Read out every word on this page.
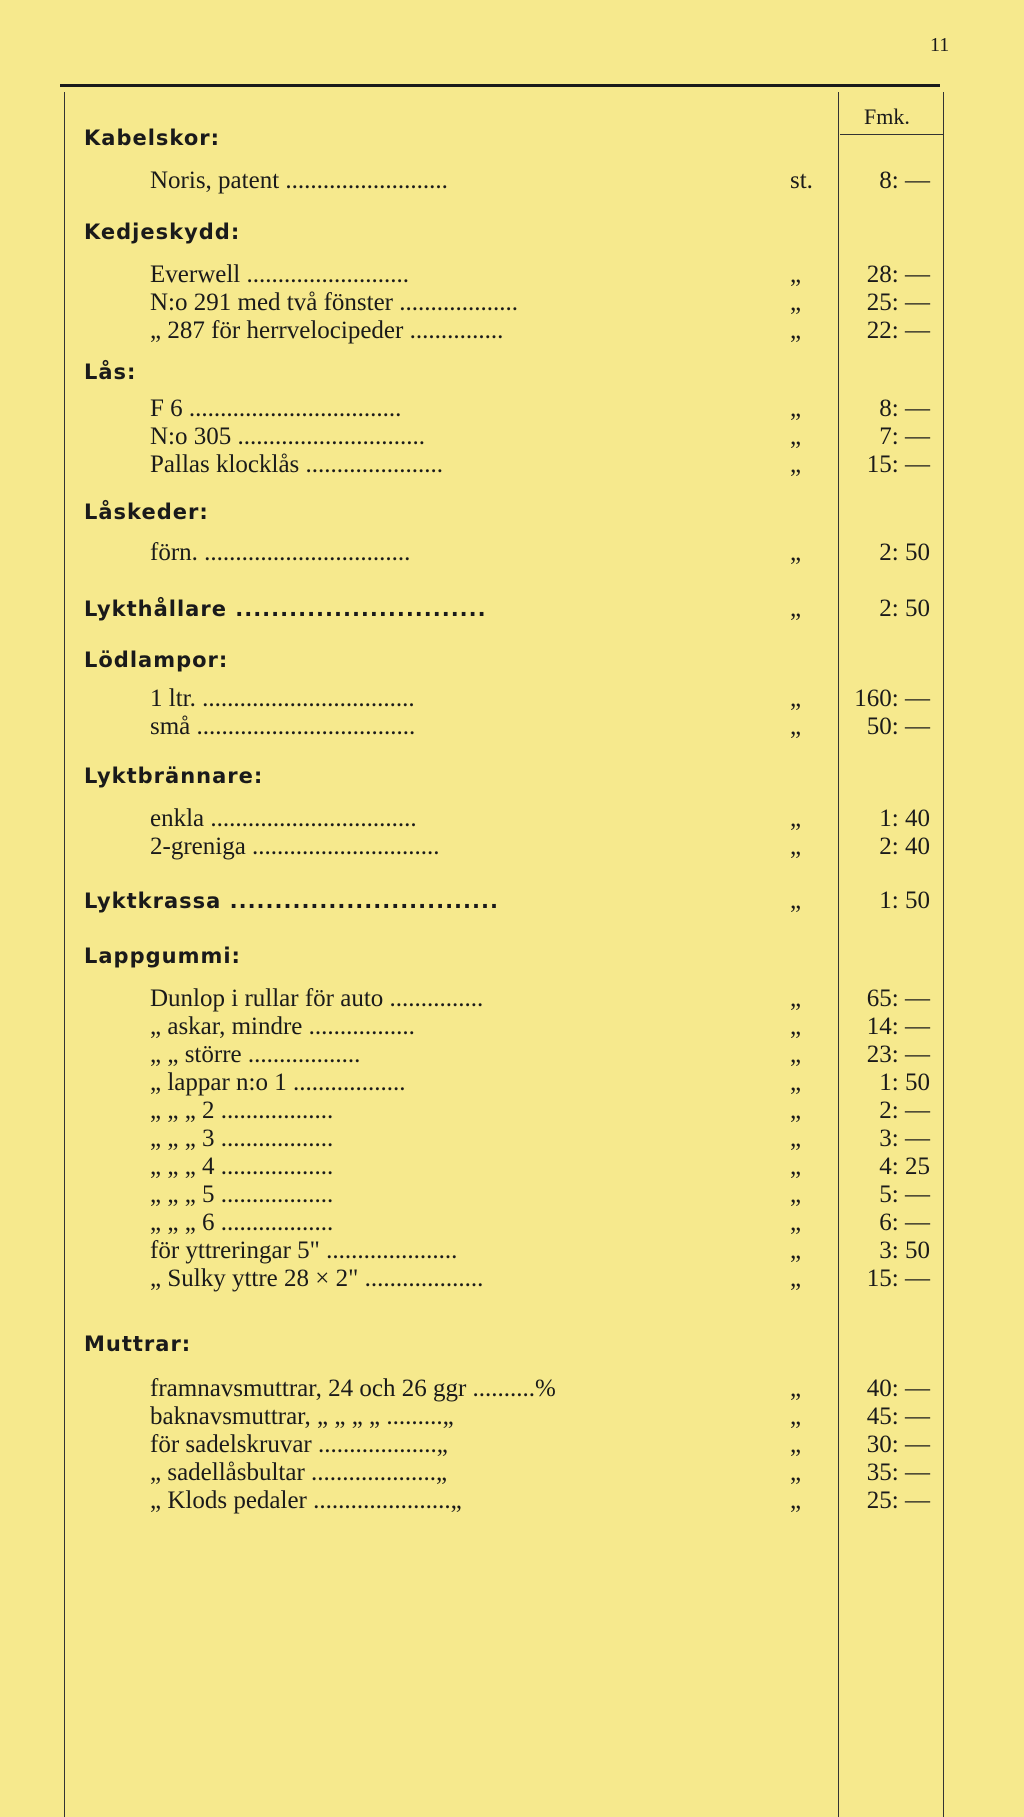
11
Fmk.
Kabelskor:
Noris, patent ..........................	st.	8: —
Kedjeskydd:
Everwell ..........................	„	28: —
N:o 291 med två fönster ...................	„	25: —
„ 287 för herrvelocipeder ...............	„	22: —
Lås:
F 6 ..................................	„	8: —
N:o 305 ..............................	„	7: —
Pallas klocklås ......................	„	15: —
Låskeder:
förn. .................................	„	2: 50
Lykthållare ............................	„	2: 50
Lödlampor:
1 ltr. ..................................	„ 160: —
små ...................................	„	50: —
Lyktbrännare:
enkla .................................	„	1: 40
2-greniga ..............................	„	2: 40
Lyktkrassa ..............................	„	1: 50
Lappgummi:
Dunlop i rullar för auto ...............	„	65: —
„ askar, mindre .................	„	14: —
„ „ större ..................	„	23: —
„ lappar n:o 1 ..................	„	1: 50
„ „ „ 2 ..................	„	2: —
„ „ „ 3 ..................	„	3: —
„ „ „ 4 ..................	„	4: 25
„ „ „ 5 ..................	„	5: —
„ „ „ 6 ..................	„	6: —
för yttreringar 5" .....................	„	3: 50
„ Sulky yttre 28 × 2" ...................	„	15: —
Muttrar:
framnavsmuttrar, 24 och 26 ggr ..........%	„	40: —
baknavsmuttrar, „ „ „ „ .........„	„	45: —
för sadelskruvar ...................„	„	30: —
„ sadellåsbultar ....................„	„	35: —
„ Klods pedaler ......................„	„	25: —
